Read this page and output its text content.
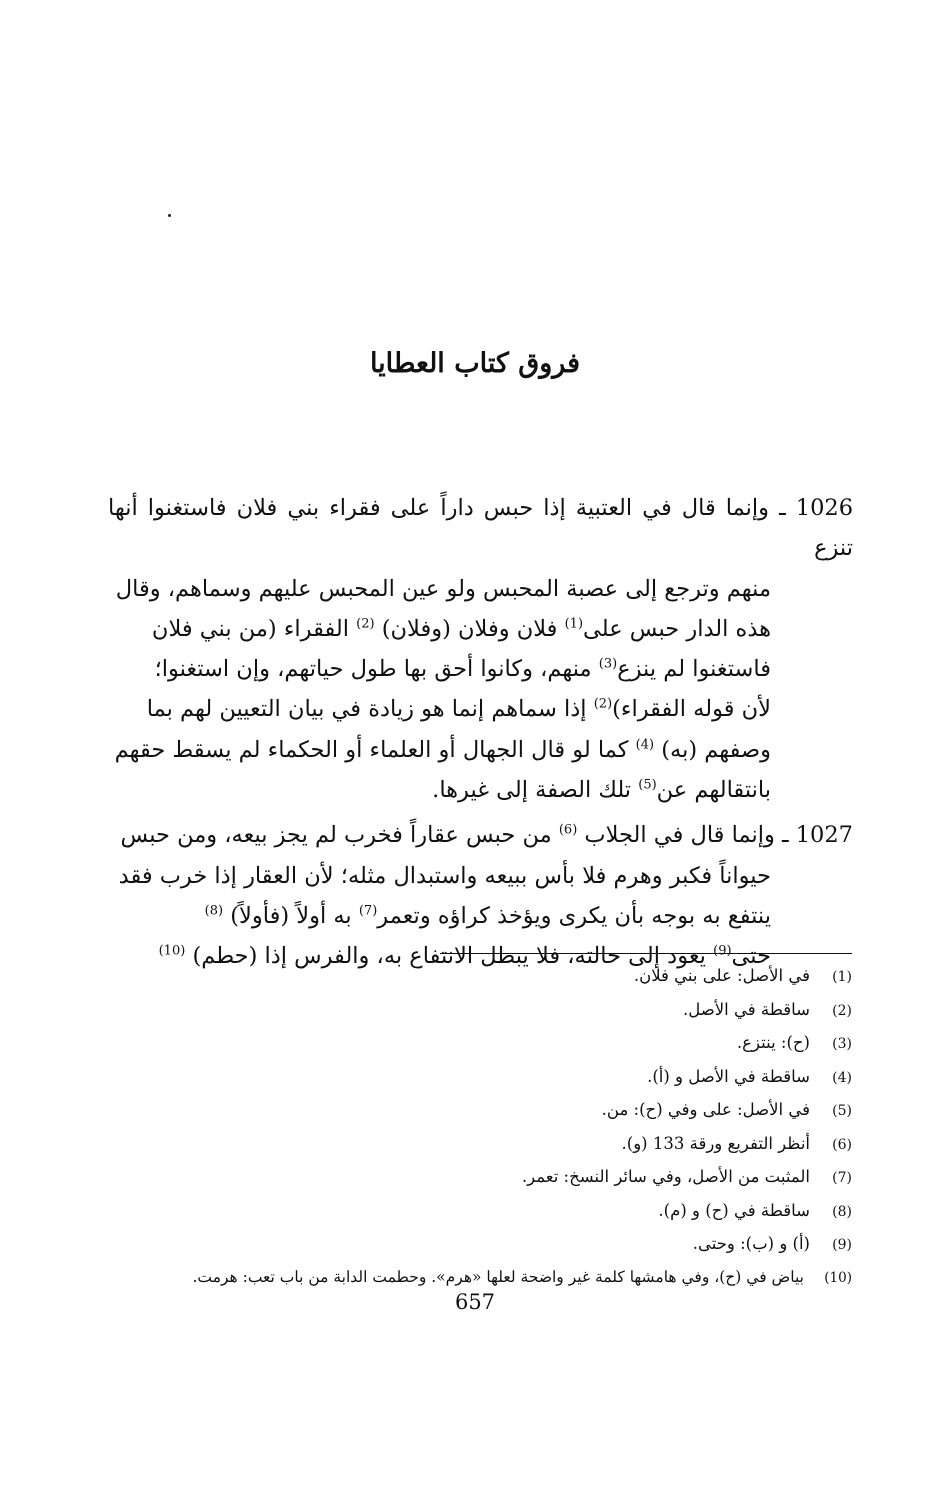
فروق كتاب العطايا
1026 ـ وإنما قال في العتبية إذا حبس داراً على فقراء بني فلان فاستغنوا أنها تنزع
منهم وترجع إلى عصبة المحبس ولو عين المحبس عليهم وسماهم، وقال
هذه الدار حبس على$^{(1)}$ فلان وفلان (وفلان) $^{(2)}$ الفقراء (من بني فلان
فاستغنوا لم ينزع$^{(3)}$ منهم، وكانوا أحق بها طول حياتهم، وإن استغنوا؛
لأن قوله الفقراء)$^{(2)}$ إذا سماهم إنما هو زيادة في بيان التعيين لهم بما
وصفهم (به) $^{(4)}$ كما لو قال الجهال أو العلماء أو الحكماء لم يسقط حقهم
بانتقالهم عن$^{(5)}$ تلك الصفة إلى غيرها.
1027 ـ وإنما قال في الجلاب $^{(6)}$ من حبس عقاراً فخرب لم يجز بيعه، ومن حبس
حيواناً فكبر وهرم فلا بأس ببيعه واستبدال مثله؛ لأن العقار إذا خرب فقد
ينتفع به بوجه بأن يكرى ويؤخذ كراؤه وتعمر$^{(7)}$ به أولاً (فأولاً) $^{(8)}$
حتى$^{(9)}$ يعود إلى حالته، فلا يبطل الانتفاع به، والفرس إذا (حطم) $^{(10)}$
(1)
في الأصل: على بني فلان.
(2)
ساقطة في الأصل.
(3)
(ح): ينتزع.
(4)
ساقطة في الأصل و (أ).
(5)
في الأصل: على وفي (ح): من.
(6)
أنظر التفريع ورقة 133 (و).
(7)
المثبت من الأصل، وفي سائر النسخ: تعمر.
(8)
ساقطة في (ح) و (م).
(9)
(أ) و (ب): وحتى.
(10)
بياض في (ح)، وفي هامشها كلمة غير واضحة لعلها «هرم». وحطمت الدابة من باب تعب: هرمت.
657
